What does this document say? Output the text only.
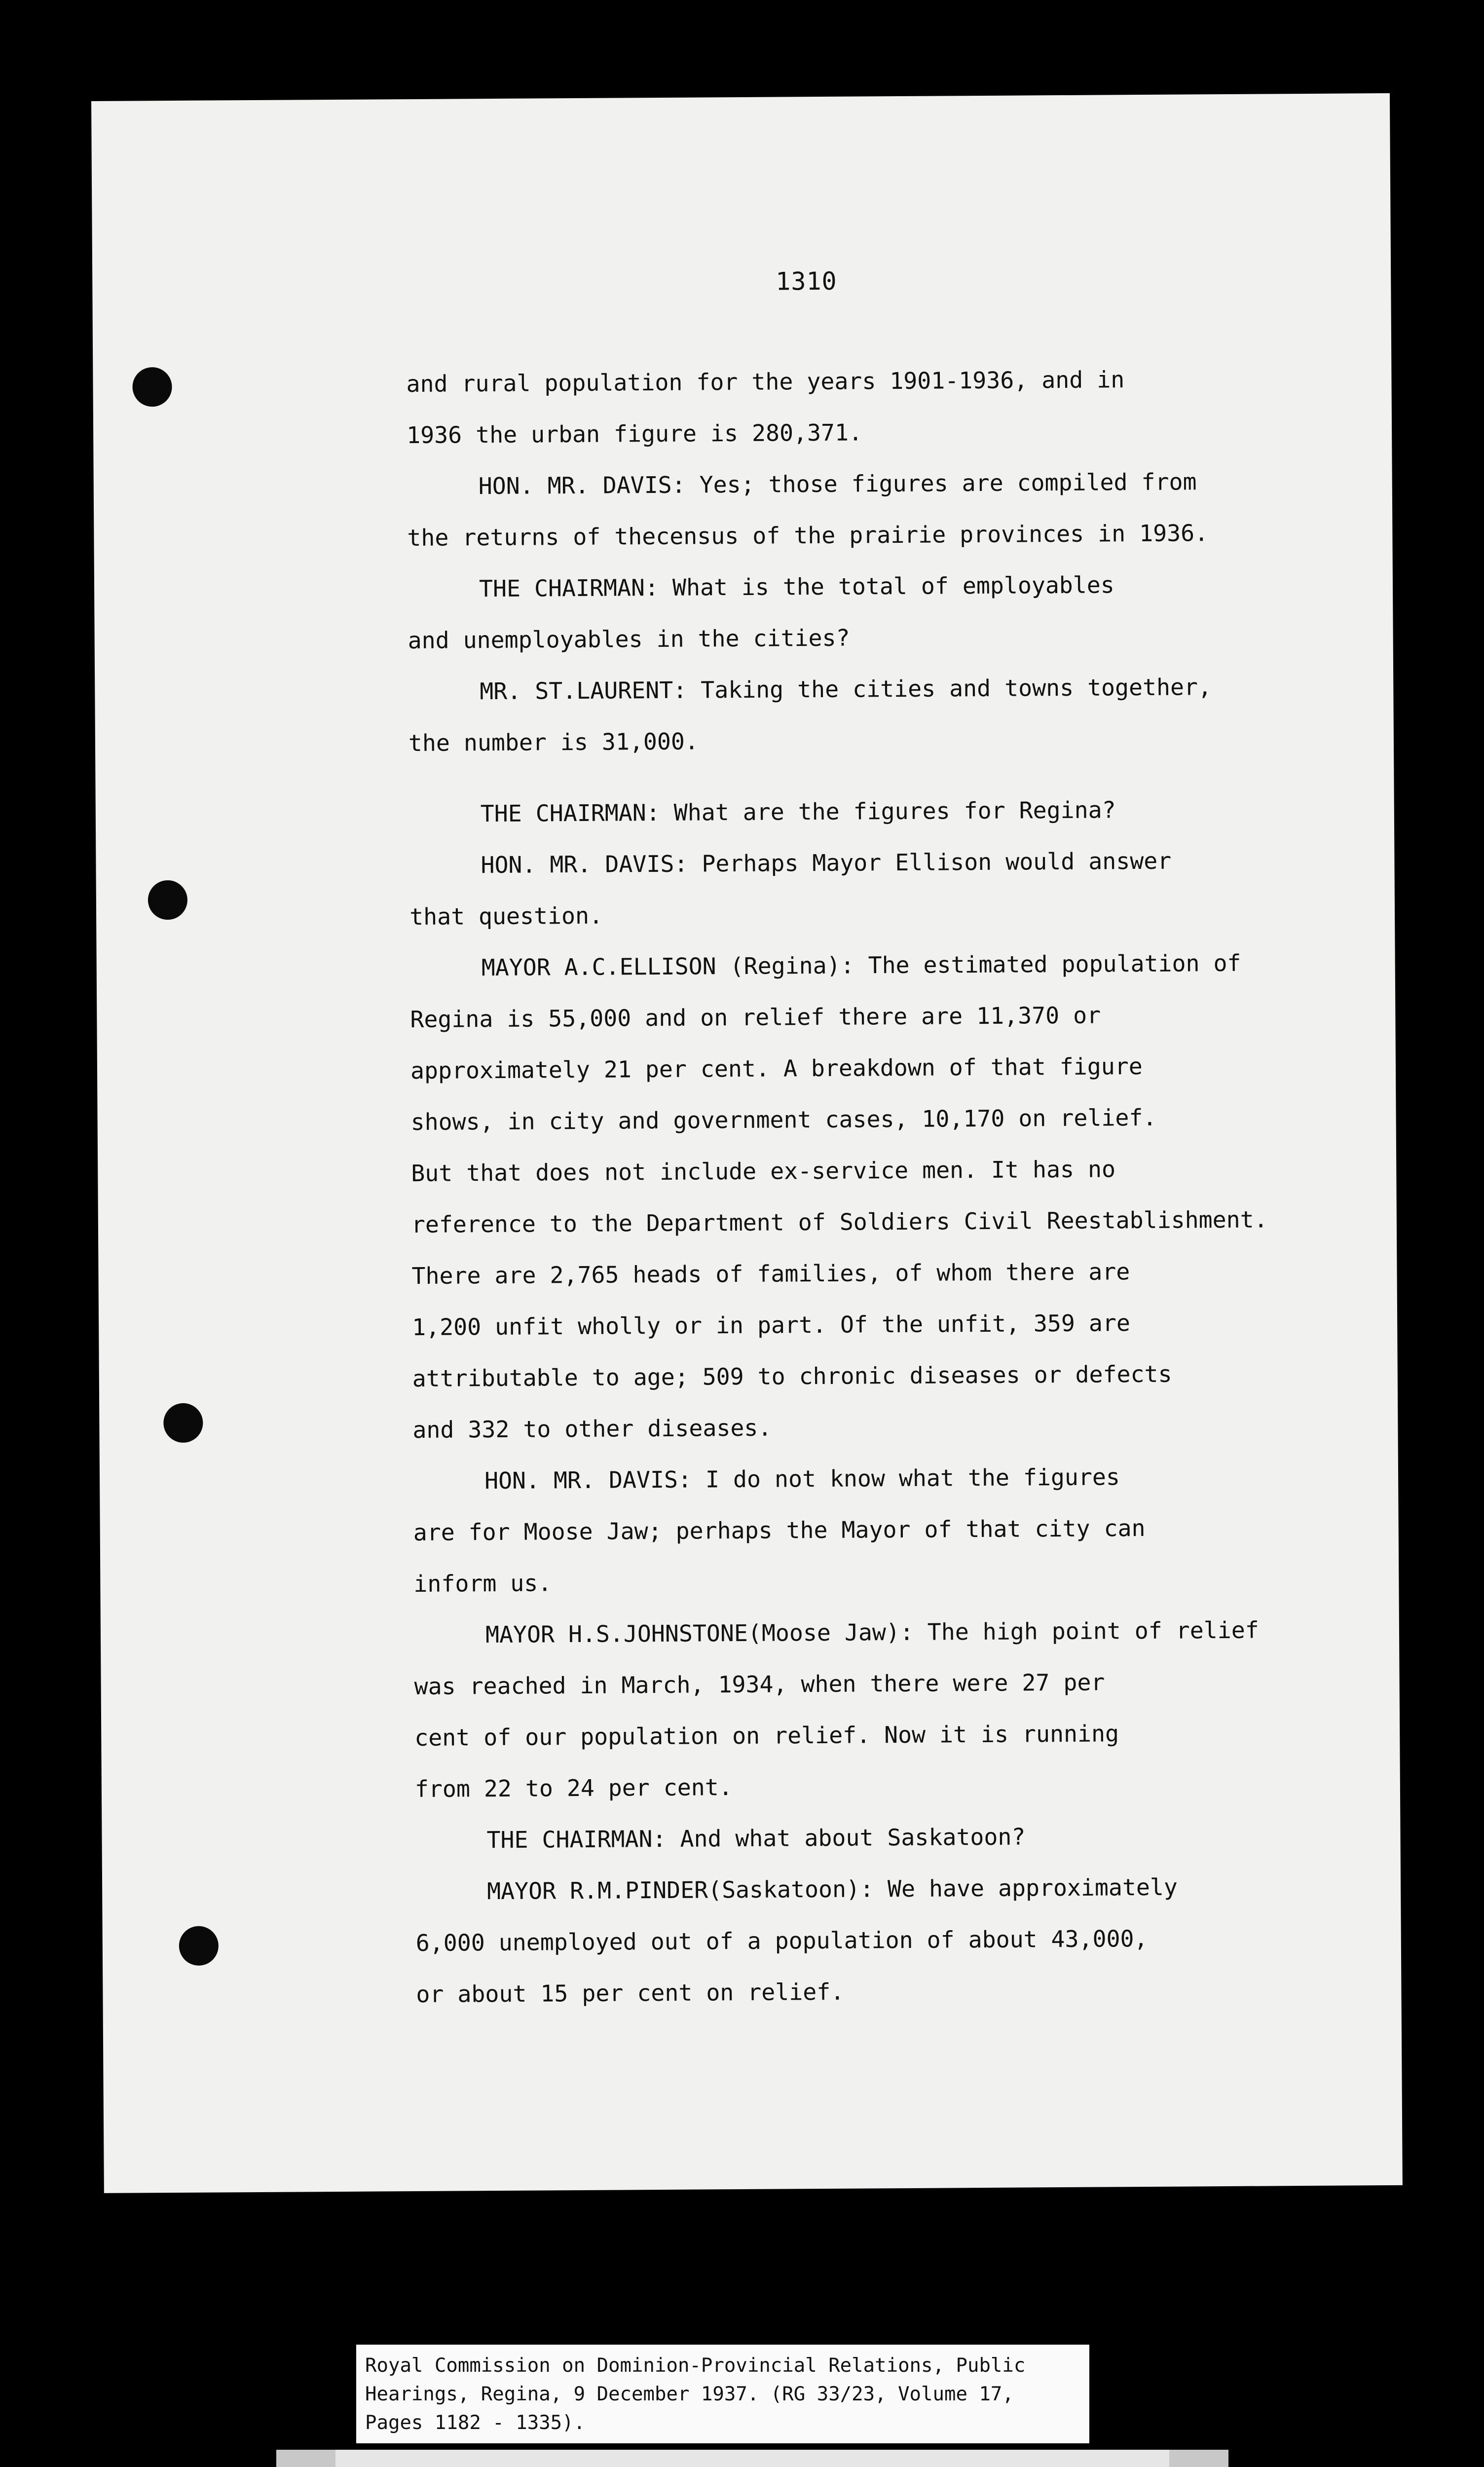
1310
and rural population for the years 1901-1936, and in
1936 the urban figure is 280,371.
HON. MR. DAVIS: Yes; those figures are compiled from
the returns of thecensus of the prairie provinces in 1936.
THE CHAIRMAN: What is the total of employables
and unemployables in the cities?
MR. ST.LAURENT: Taking the cities and towns together,
the number is 31,000.
THE CHAIRMAN: What are the figures for Regina?
HON. MR. DAVIS: Perhaps Mayor Ellison would answer
that question.
MAYOR A.C.ELLISON (Regina): The estimated population of
Regina is 55,000 and on relief there are 11,370 or
approximately 21 per cent. A breakdown of that figure
shows, in city and government cases, 10,170 on relief.
But that does not include ex-service men. It has no
reference to the Department of Soldiers Civil Reestablishment.
There are 2,765 heads of families, of whom there are
1,200 unfit wholly or in part. Of the unfit, 359 are
attributable to age; 509 to chronic diseases or defects
and 332 to other diseases.
HON. MR. DAVIS: I do not know what the figures
are for Moose Jaw; perhaps the Mayor of that city can
inform us.
MAYOR H.S.JOHNSTONE(Moose Jaw): The high point of relief
was reached in March, 1934, when there were 27 per
cent of our population on relief. Now it is running
from 22 to 24 per cent.
THE CHAIRMAN: And what about Saskatoon?
MAYOR R.M.PINDER(Saskatoon): We have approximately
6,000 unemployed out of a population of about 43,000,
or about 15 per cent on relief.
Royal Commission on Dominion-Provincial Relations, Public
Hearings, Regina, 9 December 1937. (RG 33/23, Volume 17,
Pages 1182 - 1335).
